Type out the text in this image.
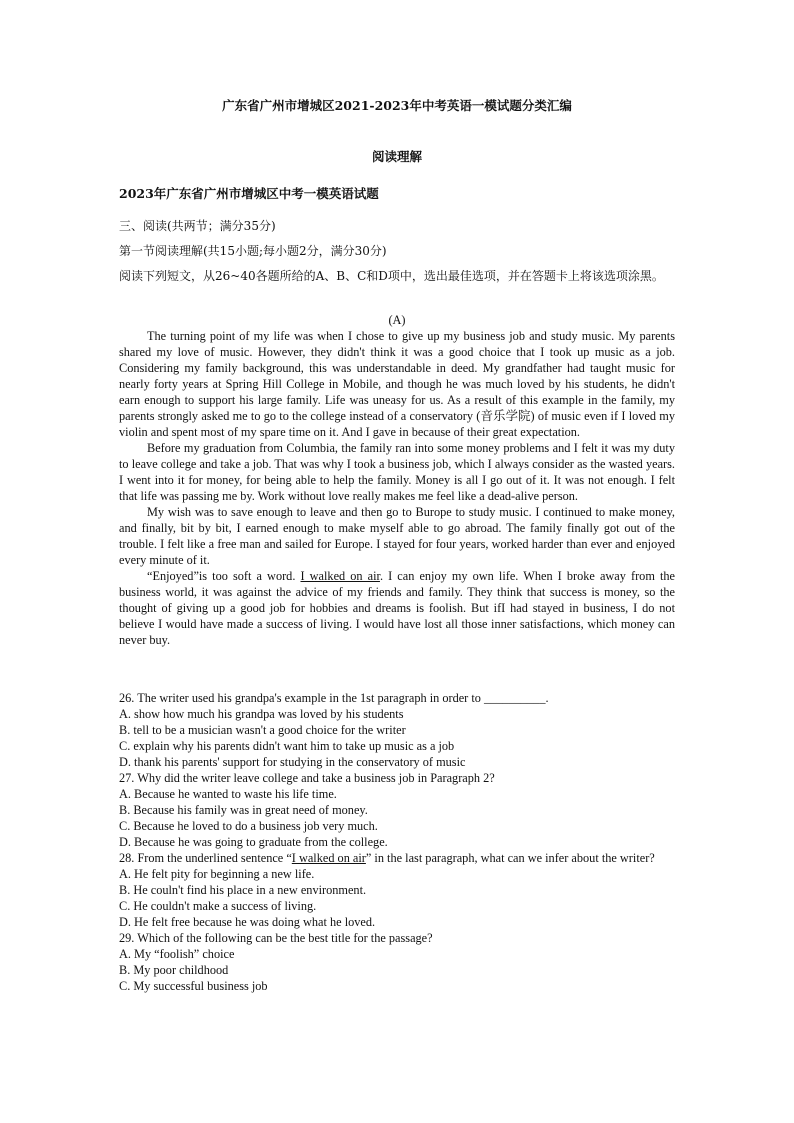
广东省广州市增城区2021-2023年中考英语一模试题分类汇编
阅读理解
2023年广东省广州市增城区中考一模英语试题
三、阅读(共两节；满分35分)
第一节阅读理解(共15小题;每小题2分，满分30分)
阅读下列短文，从26~40各题所给的A、B、C和D项中，选出最佳选项，并在答题卡上将该选项涂黑。
(A)

The turning point of my life was when I chose to give up my business job and study music. My parents shared my love of music. However, they didn't think it was a good choice that I took up music as a job. Considering my family background, this was understandable in deed. My grandfather had taught music for nearly forty years at Spring Hill College in Mobile, and though he was much loved by his students, he didn't earn enough to support his large family. Life was uneasy for us. As a result of this example in the family, my parents strongly asked me to go to the college instead of a conservatory (音乐学院) of music even if I loved my violin and spent most of my spare time on it. And I gave in because of their great expectation.

Before my graduation from Columbia, the family ran into some money problems and I felt it was my duty to leave college and take a job. That was why I took a business job, which I always consider as the wasted years. I went into it for money, for being able to help the family. Money is all I go out of it. It was not enough. I felt that life was passing me by. Work without love really makes me feel like a dead-alive person.

My wish was to save enough to leave and then go to Burope to study music. I continued to make money, and finally, bit by bit, I earned enough to make myself able to go abroad. The family finally got out of the trouble. I felt like a free man and sailed for Europe. I stayed for four years, worked harder than ever and enjoyed every minute of it.

“Enjoyed”is too soft a word. I walked on air. I can enjoy my own life. When I broke away from the business world, it was against the advice of my friends and family. They think that success is money, so the thought of giving up a good job for hobbies and dreams is foolish. But ifI had stayed in business, I do not believe I would have made a success of living. I would have lost all those inner satisfactions, which money can never buy.

26. The writer used his grandpa's example in the 1st paragraph in order to __________.
A. show how much his grandpa was loved by his students
B. tell to be a musician wasn't a good choice for the writer
C. explain why his parents didn't want him to take up music as a job
D. thank his parents' support for studying in the conservatory of music
27. Why did the writer leave college and take a business job in Paragraph 2?
A. Because he wanted to waste his life time.
B. Because his family was in great need of money.
C. Because he loved to do a business job very much.
D. Because he was going to graduate from the college.
28. From the underlined sentence “I walked on air” in the last paragraph, what can we infer about the writer?
A. He felt pity for beginning a new life.
B. He couln't find his place in a new environment.
C. He couldn't make a success of living.
D. He felt free because he was doing what he loved.
29. Which of the following can be the best title for the passage?
A. My “foolish” choice
B. My poor childhood
C. My successful business job
